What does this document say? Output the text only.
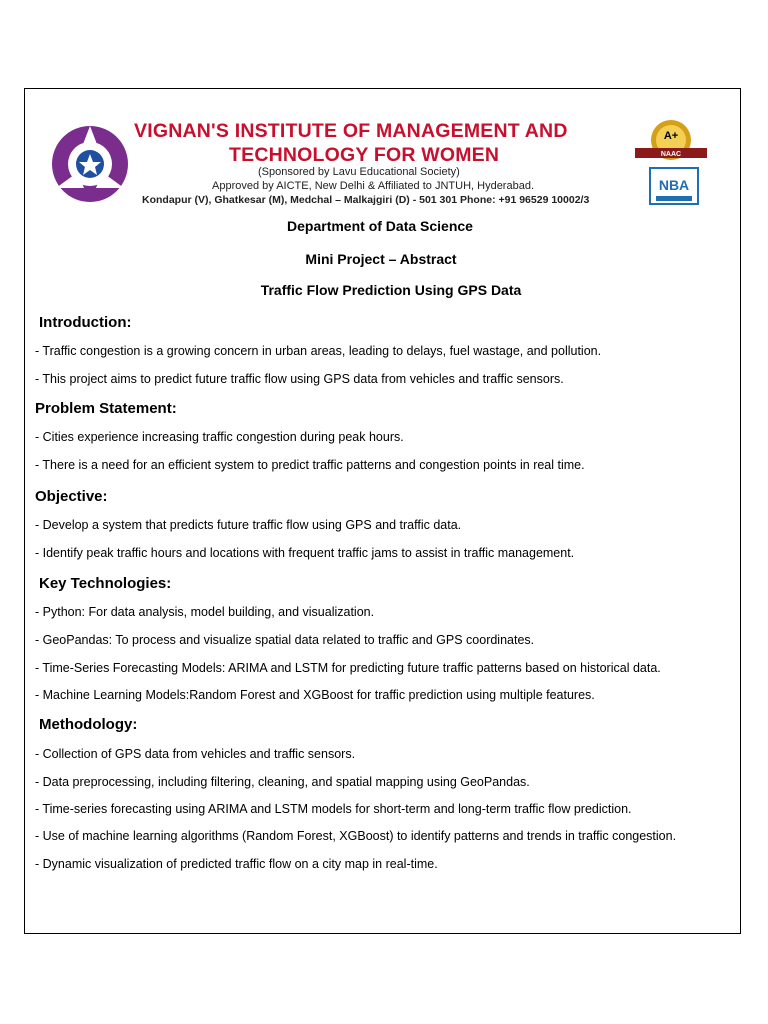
VIGNAN'S INSTITUTE OF MANAGEMENT AND
TECHNOLOGY FOR WOMEN
(Sponsored by Lavu Educational Society)
Approved by AICTE, New Delhi & Affiliated to JNTUH, Hyderabad.
Kondapur (V), Ghatkesar (M), Medchal – Malkajgiri (D) - 501 301 Phone: +91 96529 10002/3
A+
NAAC
NBA
Department of Data Science
Mini Project – Abstract
Traffic Flow Prediction Using GPS Data
Introduction:
- Traffic congestion is a growing concern in urban areas, leading to delays, fuel wastage, and pollution.
- This project aims to predict future traffic flow using GPS data from vehicles and traffic sensors.
Problem Statement:
- Cities experience increasing traffic congestion during peak hours.
- There is a need for an efficient system to predict traffic patterns and congestion points in real time.
Objective:
- Develop a system that predicts future traffic flow using GPS and traffic data.
- Identify peak traffic hours and locations with frequent traffic jams to assist in traffic management.
Key Technologies:
- Python: For data analysis, model building, and visualization.
- GeoPandas: To process and visualize spatial data related to traffic and GPS coordinates.
- Time-Series Forecasting Models: ARIMA and LSTM for predicting future traffic patterns based on historical data.
- Machine Learning Models:Random Forest and XGBoost for traffic prediction using multiple features.
Methodology:
- Collection of GPS data from vehicles and traffic sensors.
- Data preprocessing, including filtering, cleaning, and spatial mapping using GeoPandas.
- Time-series forecasting using ARIMA and LSTM models for short-term and long-term traffic flow prediction.
- Use of machine learning algorithms (Random Forest, XGBoost) to identify patterns and trends in traffic congestion.
- Dynamic visualization of predicted traffic flow on a city map in real-time.
